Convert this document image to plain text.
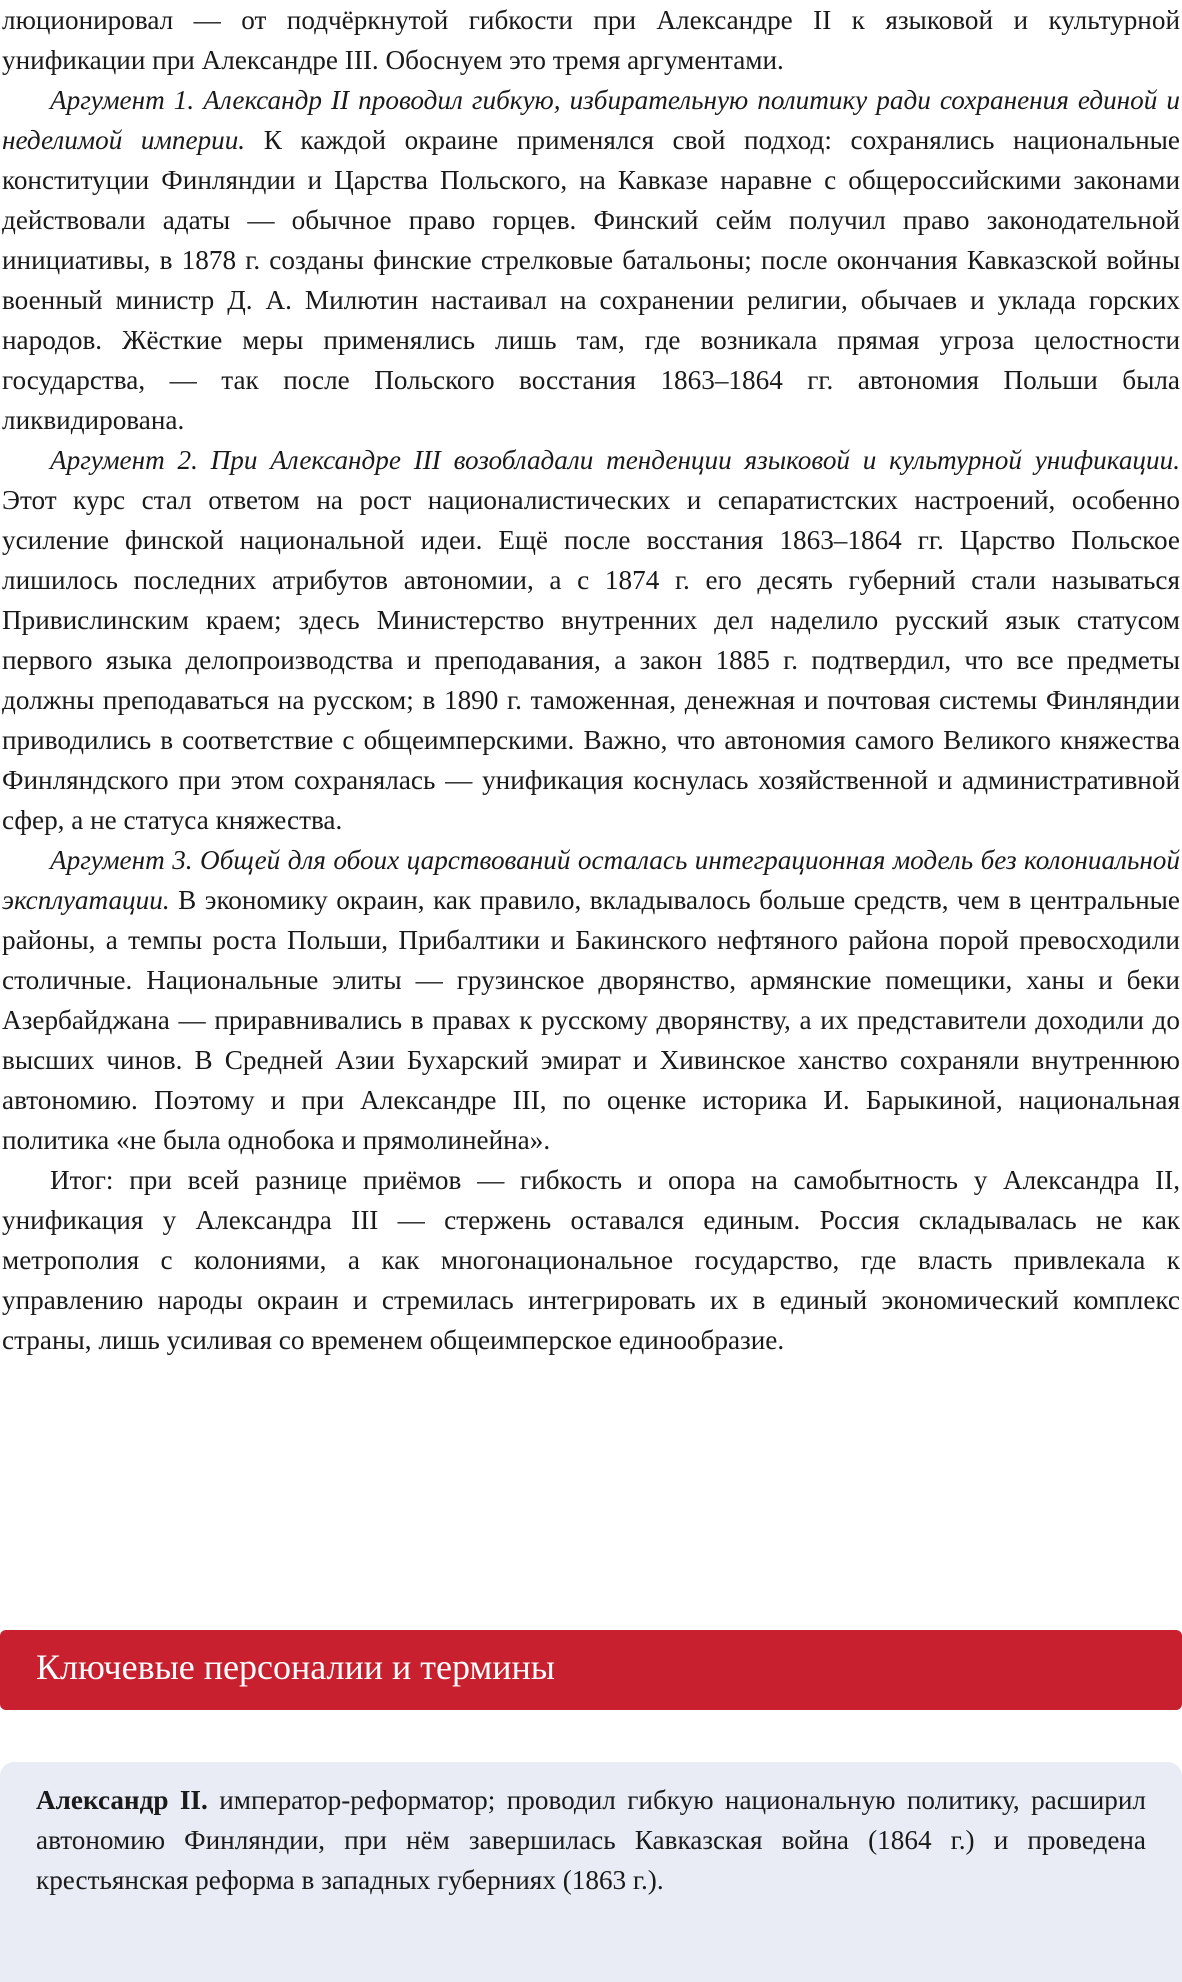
люционировал — от подчёркнутой гибкости при Александре II к языковой и культурной унификации при Александре III. Обоснуем это тремя аргументами.

Аргумент 1. Александр II проводил гибкую, избирательную политику ради сохранения единой и неделимой империи. К каждой окраине применялся свой подход: сохранялись национальные конституции Финляндии и Царства Польского, на Кавказе наравне с общероссийскими законами действовали адаты — обычное право горцев. Финский сейм получил право законодательной инициативы, в 1878 г. созданы финские стрелковые батальоны; после окончания Кавказской войны военный министр Д. А. Милютин настаивал на сохранении религии, обычаев и уклада горских народов. Жёсткие меры применялись лишь там, где возникала прямая угроза целостности государства, — так после Польского восстания 1863–1864 гг. автономия Польши была ликвидирована.

Аргумент 2. При Александре III возобладали тенденции языковой и культурной унификации. Этот курс стал ответом на рост националистических и сепаратистских настроений, особенно усиление финской национальной идеи. Ещё после восстания 1863–1864 гг. Царство Польское лишилось последних атрибутов автономии, а с 1874 г. его десять губерний стали называться Привислинским краем; здесь Министерство внутренних дел наделило русский язык статусом первого языка делопроизводства и преподавания, а закон 1885 г. подтвердил, что все предметы должны преподаваться на русском; в 1890 г. таможенная, денежная и почтовая системы Финляндии приводились в соответствие с общеимперскими. Важно, что автономия самого Великого княжества Финляндского при этом сохранялась — унификация коснулась хозяйственной и административной сфер, а не статуса княжества.

Аргумент 3. Общей для обоих царствований осталась интеграционная модель без колониальной эксплуатации. В экономику окраин, как правило, вкладывалось больше средств, чем в центральные районы, а темпы роста Польши, Прибалтики и Бакинского нефтяного района порой превосходили столичные. Национальные элиты — грузинское дворянство, армянские помещики, ханы и беки Азербайджана — приравнивались в правах к русскому дворянству, а их представители доходили до высших чинов. В Средней Азии Бухарский эмират и Хивинское ханство сохраняли внутреннюю автономию. Поэтому и при Александре III, по оценке историка И. Барыкиной, национальная политика «не была однобока и прямолинейна».

Итог: при всей разнице приёмов — гибкость и опора на самобытность у Александра II, унификация у Александра III — стержень оставался единым. Россия складывалась не как метрополия с колониями, а как многонациональное государство, где власть привлекала к управлению народы окраин и стремилась интегрировать их в единый экономический комплекс страны, лишь усиливая со временем общеимперское единообразие.

Ключевые персоналии и термины

Александр II. император-реформатор; проводил гибкую национальную политику, расширил автономию Финляндии, при нём завершилась Кавказская война (1864 г.) и проведена крестьянская реформа в западных губерниях (1863 г.).
